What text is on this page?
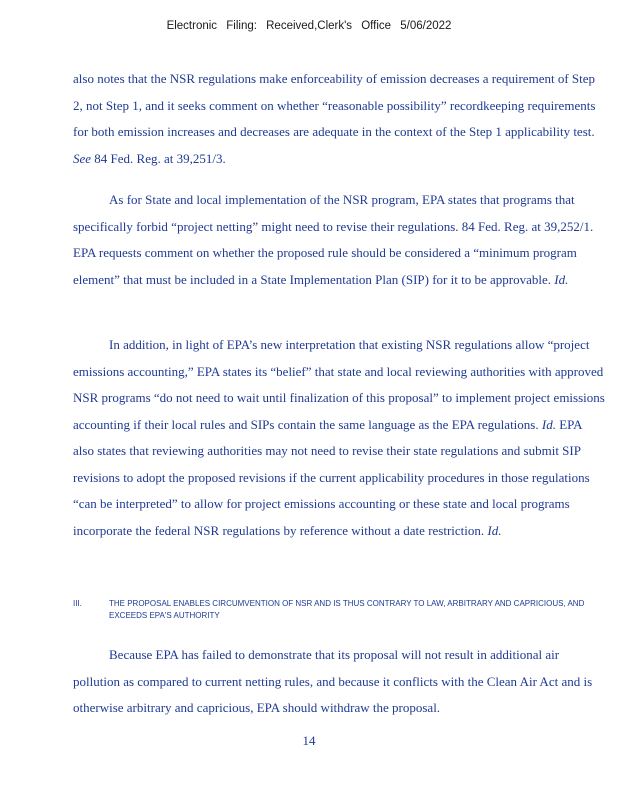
Electronic Filing: Received,Clerk's Office 5/06/2022

also notes that the NSR regulations make enforceability of emission decreases a requirement of Step 2, not Step 1, and it seeks comment on whether “reasonable possibility” recordkeeping requirements for both emission increases and decreases are adequate in the context of the Step 1 applicability test. See 84 Fed. Reg. at 39,251/3.

As for State and local implementation of the NSR program, EPA states that programs that specifically forbid “project netting” might need to revise their regulations. 84 Fed. Reg. at 39,252/1. EPA requests comment on whether the proposed rule should be considered a “minimum program element” that must be included in a State Implementation Plan (SIP) for it to be approvable. Id.

In addition, in light of EPA’s new interpretation that existing NSR regulations allow “project emissions accounting,” EPA states its “belief” that state and local reviewing authorities with approved NSR programs “do not need to wait until finalization of this proposal” to implement project emissions accounting if their local rules and SIPs contain the same language as the EPA regulations. Id. EPA also states that reviewing authorities may not need to revise their state regulations and submit SIP revisions to adopt the proposed revisions if the current applicability procedures in those regulations “can be interpreted” to allow for project emissions accounting or these state and local programs incorporate the federal NSR regulations by reference without a date restriction. Id.

III.	THE PROPOSAL ENABLES CIRCUMVENTION OF NSR AND IS THUS CONTRARY TO LAW, ARBITRARY AND CAPRICIOUS, AND EXCEEDS EPA'S AUTHORITY

Because EPA has failed to demonstrate that its proposal will not result in additional air pollution as compared to current netting rules, and because it conflicts with the Clean Air Act and is otherwise arbitrary and capricious, EPA should withdraw the proposal.

14
